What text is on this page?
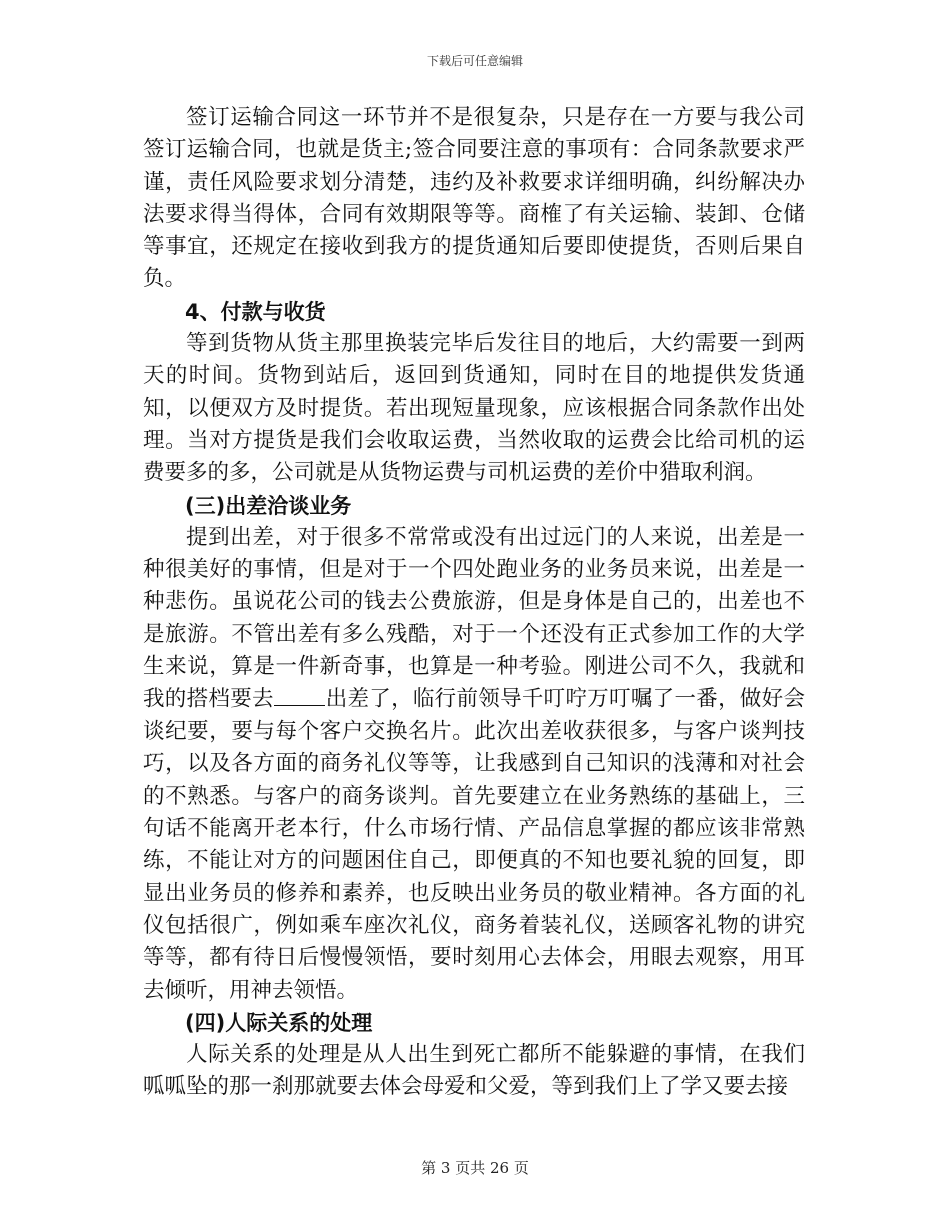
下载后可任意编辑

签订运输合同这一环节并不是很复杂，只是存在一方要与我公司签订运输合同，也就是货主;签合同要注意的事项有：合同条款要求严谨，责任风险要求划分清楚，违约及补救要求详细明确，纠纷解决办法要求得当得体，合同有效期限等等。商榷了有关运输、装卸、仓储等事宜，还规定在接收到我方的提货通知后要即使提货，否则后果自负。

4、付款与收货

等到货物从货主那里换装完毕后发往目的地后，大约需要一到两天的时间。货物到站后，返回到货通知，同时在目的地提供发货通知，以便双方及时提货。若出现短量现象，应该根据合同条款作出处理。当对方提货是我们会收取运费，当然收取的运费会比给司机的运费要多的多，公司就是从货物运费与司机运费的差价中猎取利润。

(三)出差洽谈业务

提到出差，对于很多不常常或没有出过远门的人来说，出差是一种很美好的事情，但是对于一个四处跑业务的业务员来说，出差是一种悲伤。虽说花公司的钱去公费旅游，但是身体是自己的，出差也不是旅游。不管出差有多么残酷，对于一个还没有正式参加工作的大学生来说，算是一件新奇事，也算是一种考验。刚进公司不久，我就和我的搭档要去 出差了，临行前领导千叮咛万叮嘱了一番，做好会谈纪要，要与每个客户交换名片。此次出差收获很多，与客户谈判技巧，以及各方面的商务礼仪等等，让我感到自己知识的浅薄和对社会的不熟悉。与客户的商务谈判。首先要建立在业务熟练的基础上，三句话不能离开老本行，什么市场行情、产品信息掌握的都应该非常熟练，不能让对方的问题困住自己，即便真的不知也要礼貌的回复，即显出业务员的修养和素养，也反映出业务员的敬业精神。各方面的礼仪包括很广，例如乘车座次礼仪，商务着装礼仪，送顾客礼物的讲究等等，都有待日后慢慢领悟，要时刻用心去体会，用眼去观察，用耳去倾听，用神去领悟。

(四)人际关系的处理

人际关系的处理是从人出生到死亡都所不能躲避的事情，在我们呱呱坠的那一刹那就要去体会母爱和父爱，等到我们上了学又要去接

第 3 页共 26 页
